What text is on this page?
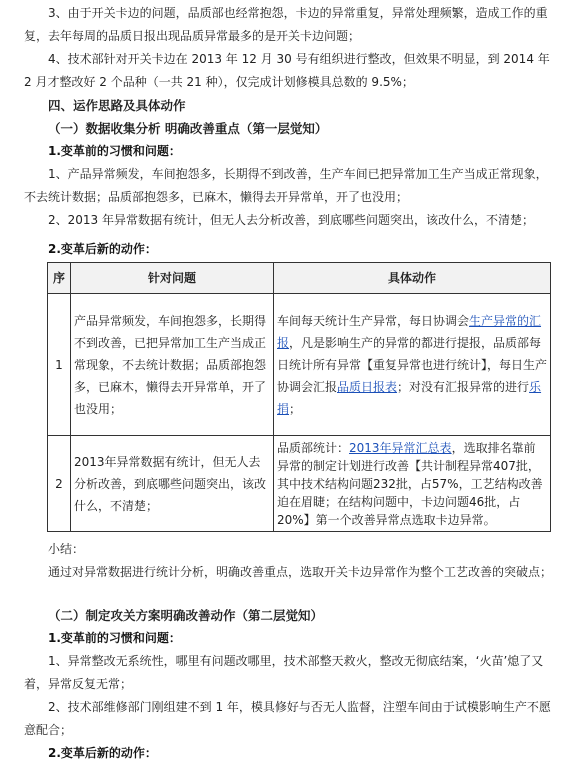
3、由于开关卡边的问题，品质部也经常抱怨，卡边的异常重复，异常处理频繁，造成工作的重复，去年每周的品质日报出现品质异常最多的是开关卡边问题；
4、技术部针对开关卡边在 2013 年 12 月 30 号有组织进行整改，但效果不明显，到 2014 年 2 月才整改好 2 个品种（一共 21 种），仅完成计划修模具总数的 9.5%；
四、运作思路及具体动作
（一）数据收集分析 明确改善重点（第一层觉知）
1.变革前的习惯和问题：
1、产品异常频发，车间抱怨多，长期得不到改善，生产车间已把异常加工生产当成正常现象，不去统计数据；品质部抱怨多，已麻木，懒得去开异常单，开了也没用；
2、2013 年异常数据有统计，但无人去分析改善，到底哪些问题突出，该改什么，不清楚；
2.变革后新的动作：
序	针对问题	具体动作
1	产品异常频发，车间抱怨多，长期得不到改善，已把异常加工生产当成正常现象，不去统计数据；品质部抱怨多，已麻木，懒得去开异常单，开了也没用；	车间每天统计生产异常，每日协调会生产异常的汇报，凡是影响生产的异常的都进行提报，品质部每日统计所有异常【重复异常也进行统计】，每日生产协调会汇报品质日报表；对没有汇报异常的进行乐捐；
2	2013年异常数据有统计，但无人去分析改善，到底哪些问题突出，该改什么，不清楚；	品质部统计：2013年异常汇总表，选取排名靠前异常的制定计划进行改善【共计制程异常407批，其中技术结构问题232批，占57%，工艺结构改善迫在眉睫；在结构问题中，卡边问题46批，占20%】第一个改善异常点选取卡边异常。
小结：
通过对异常数据进行统计分析，明确改善重点，选取开关卡边异常作为整个工艺改善的突破点；
（二）制定攻关方案明确改善动作（第二层觉知）
1.变革前的习惯和问题：
1、异常整改无系统性，哪里有问题改哪里，技术部整天救火，整改无彻底结案，‘火苗’熄了又着，异常反复无常；
2、技术部维修部门刚组建不到 1 年，模具修好与否无人监督，注塑车间由于试模影响生产不愿意配合；
2.变革后新的动作：
